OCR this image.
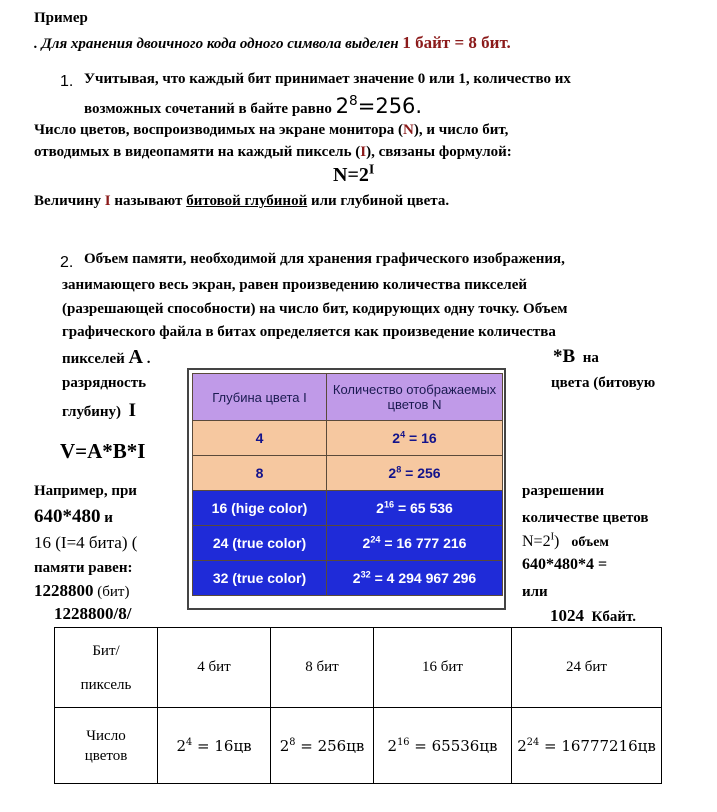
Пример
. Для хранения двоичного кода одного символа выделен 1 байт = 8 бит.
1. Учитывая, что каждый бит принимает значение 0 или 1, количество их
возможных сочетаний в байте равно $2^8=256$.
Число цветов, воспроизводимых на экране монитора (N), и число бит,
отводимых в видеопамяти на каждый пиксель (I), связаны формулой:
$N=2^I$
Величину I называют битовой глубиной или глубиной цвета.
2. Объем памяти, необходимой для хранения графического изображения,
занимающего весь экран, равен произведению количества пикселей
(разрешающей способности) на число бит, кодирующих одну точку. Объем
графического файла в битах определяется как произведение количества
пикселей A .	*B на
разрядность	цвета (битовую
глубину) I
V=A*B*I
Например, при	разрешении
640*480 и	количестве цветов
16 (I=4 бита) (	$N=2^I$) объем
памяти равен:	640*480*4 =
1228800 (бит)	или
1228800/8/	1024 Кбайт.
Глубина цвета I	Количество отображаемых цветов N
4	$2^4 = 16$
8	$2^8 = 256$
16 (hige color)	$2^{16} = 65$ 536
24 (true color)	$2^{24} = 16$ 777 216
32 (true color)	$2^{32} = 4$ 294 967 296
Бит/
пиксель	4 бит	8 бит	16 бит	24 бит
Число
цветов	$2^4 = 16цв$	$2^8 = 256цв$	$2^{16} = 65536цв$	$2^{24} = 16777216цв$
